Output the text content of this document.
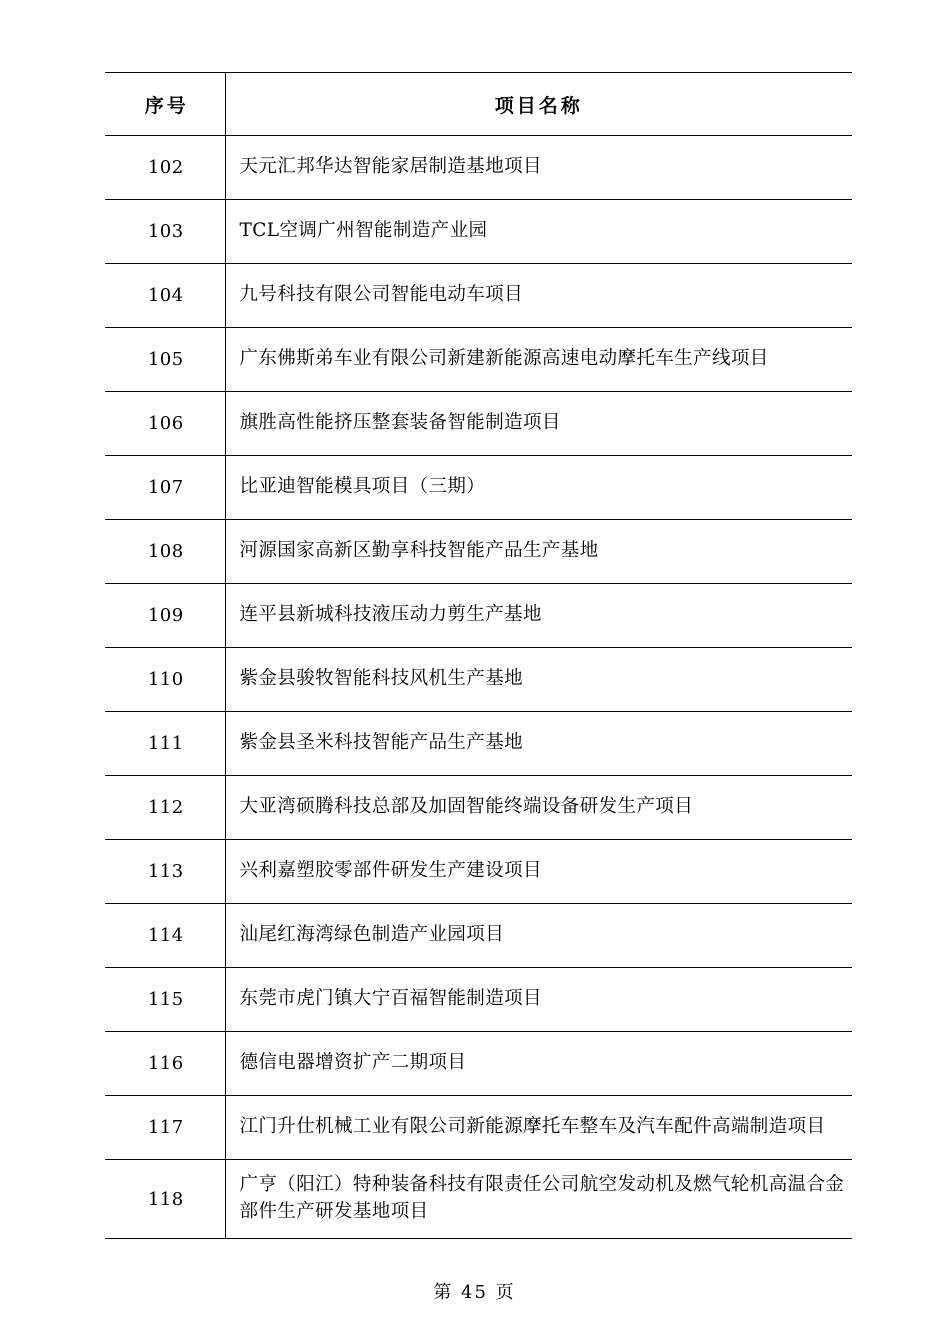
序号	项目名称

102	天元汇邦华达智能家居制造基地项目

103	TCL空调广州智能制造产业园

104	九号科技有限公司智能电动车项目

105	广东佛斯弟车业有限公司新建新能源高速电动摩托车生产线项目

106	旗胜高性能挤压整套装备智能制造项目

107	比亚迪智能模具项目（三期）

108	河源国家高新区勤享科技智能产品生产基地

109	连平县新城科技液压动力剪生产基地

110	紫金县骏牧智能科技风机生产基地

111	紫金县圣米科技智能产品生产基地

112	大亚湾硕腾科技总部及加固智能终端设备研发生产项目

113	兴利嘉塑胶零部件研发生产建设项目

114	汕尾红海湾绿色制造产业园项目

115	东莞市虎门镇大宁百福智能制造项目

116	德信电器增资扩产二期项目

117	江门升仕机械工业有限公司新能源摩托车整车及汽车配件高端制造项目

118	广亨（阳江）特种装备科技有限责任公司航空发动机及燃气轮机高温合金部件生产研发基地项目
第 45 页
